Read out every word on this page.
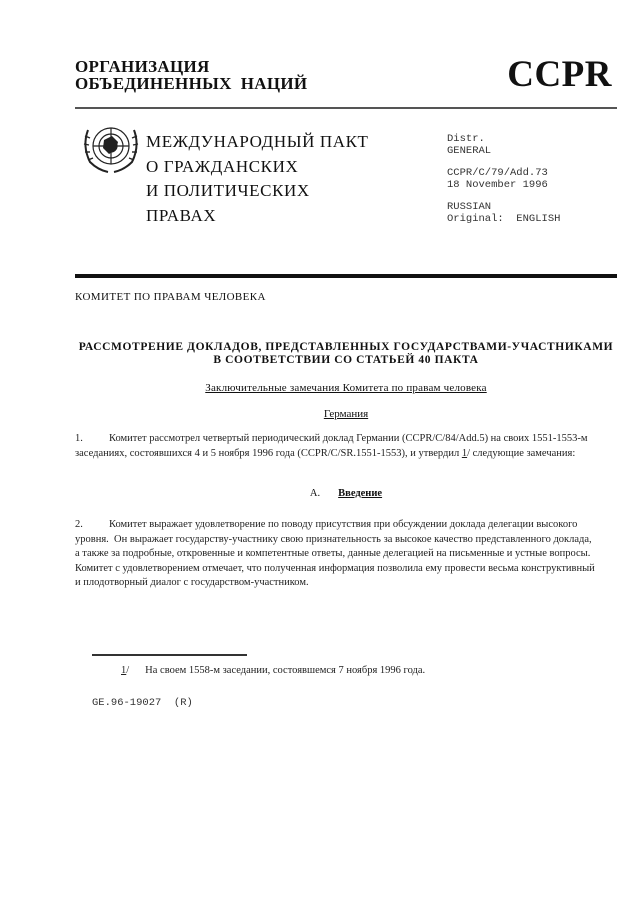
ОРГАНИЗАЦИЯ
ОБЪЕДИНЕННЫХ  НАЦИЙ	CCPR
МЕЖДУНАРОДНЫЙ ПАКТ
О ГРАЖДАНСКИХ
И ПОЛИТИЧЕСКИХ
ПРАВАХ
Distr.
GENERAL
CCPR/C/79/Add.73
18 November 1996
RUSSIAN
Original:  ENGLISH
КОМИТЕТ ПО ПРАВАМ ЧЕЛОВЕКА
РАССМОТРЕНИЕ ДОКЛАДОВ, ПРЕДСТАВЛЕННЫХ ГОСУДАРСТВАМИ-УЧАСТНИКАМИ
В СООТВЕТСТВИИ СО СТАТЬЕЙ 40 ПАКТА
Заключительные замечания Комитета по правам человека
Германия
1. Комитет рассмотрел четвертый периодический доклад Германии (CCPR/C/84/Add.5) на своих 1551-1553-м заседаниях, состоявшихся 4 и 5 ноября 1996 года (CCPR/C/SR.1551-1553), и утвердил 1/ следующие замечания:
A. Введение
2. Комитет выражает удовлетворение по поводу присутствия при обсуждении доклада делегации высокого уровня.  Он выражает государству-участнику свою признательность за высокое качество представленного доклада, а также за подробные, откровенные и компетентные ответы, данные делегацией на письменные и устные вопросы.  Комитет с удовлетворением отмечает, что полученная информация позволила ему провести весьма конструктивный и плодотворный диалог с государством-участником.
1/ На своем 1558-м заседании, состоявшемся 7 ноября 1996 года.
GE.96-19027  (R)
